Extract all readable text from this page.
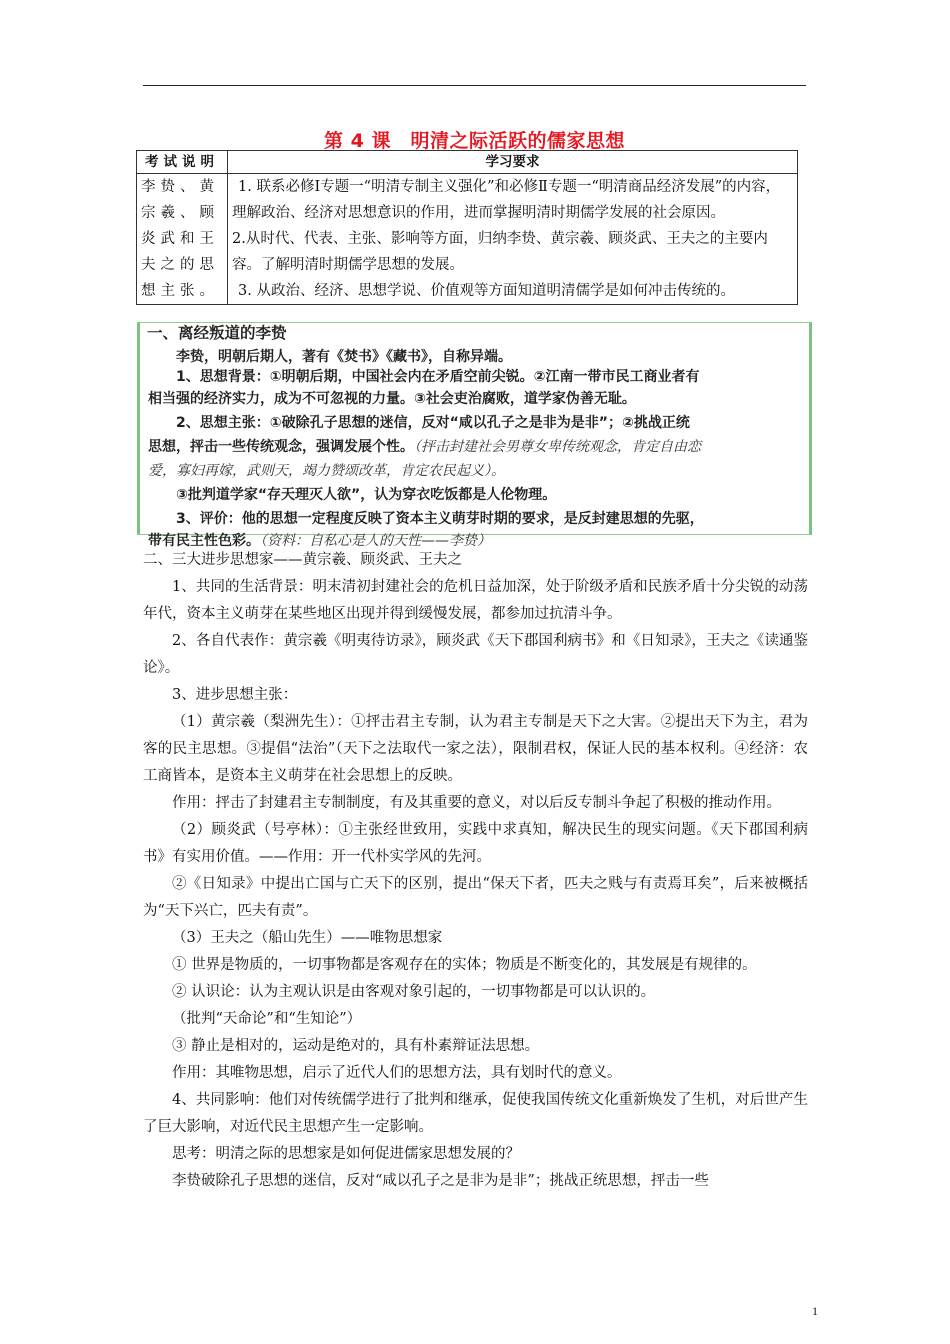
第 4 课　明清之际活跃的儒家思想
考试说明	学习要求
李贽、黄宗羲、顾炎武和王夫之的思想主张。	1. 联系必修Ⅰ专题一“明清专制主义强化”和必修Ⅱ专题一“明清商品经济发展”的内容，理解政治、经济对思想意识的作用，进而掌握明清时期儒学发展的社会原因。
2.从时代、代表、主张、影响等方面，归纳李贽、黄宗羲、顾炎武、王夫之的主要内容。了解明清时期儒学思想的发展。
3. 从政治、经济、思想学说、价值观等方面知道明清儒学是如何冲击传统的。
李贽，明朝后期人，著有《焚书》《藏书》，自称异端。
1、思想背景：①明朝后期，中国社会内在矛盾空前尖锐。②江南一带市民工商业者有
相当强的经济实力，成为不可忽视的力量。③社会吏治腐败，道学家伪善无耻。
2、思想主张：①破除孔子思想的迷信，反对“咸以孔子之是非为是非”；②挑战正统
思想，抨击一些传统观念，强调发展个性。（抨击封建社会男尊女卑传统观念，肯定自由恋
爱，寡妇再嫁，武则天，竭力赞颂改革，肯定农民起义）。
③批判道学家“存天理灭人欲”，认为穿衣吃饭都是人伦物理。
3、评价：他的思想一定程度反映了资本主义萌芽时期的要求，是反封建思想的先驱，
带有民主性色彩。（资料：自私心是人的天性——李贽）

二、三大进步思想家——黄宗羲、顾炎武、王夫之

1、共同的生活背景：明末清初封建社会的危机日益加深，处于阶级矛盾和民族矛盾十分尖锐的动荡年代，资本主义萌芽在某些地区出现并得到缓慢发展，都参加过抗清斗争。

2、各自代表作：黄宗羲《明夷待访录》，顾炎武《天下郡国利病书》和《日知录》，王夫之《读通鉴论》。

3、进步思想主张：

（1）黄宗羲（梨洲先生）：①抨击君主专制，认为君主专制是天下之大害。②提出天下为主，君为客的民主思想。③提倡“法治”（天下之法取代一家之法），限制君权，保证人民的基本权利。④经济：农工商皆本，是资本主义萌芽在社会思想上的反映。

作用：抨击了封建君主专制制度，有及其重要的意义，对以后反专制斗争起了积极的推动作用。

（2）顾炎武（号亭林）：①主张经世致用，实践中求真知，解决民生的现实问题。《天下郡国利病书》有实用价值。——作用：开一代朴实学风的先河。

②《日知录》中提出亡国与亡天下的区别，提出“保天下者，匹夫之贱与有责焉耳矣”，后来被概括为“天下兴亡，匹夫有责”。

（3）王夫之（船山先生）——唯物思想家

① 世界是物质的，一切事物都是客观存在的实体；物质是不断变化的，其发展是有规律的。

② 认识论：认为主观认识是由客观对象引起的，一切事物都是可以认识的。

（批判“天命论”和“生知论”）

③ 静止是相对的，运动是绝对的，具有朴素辩证法思想。

作用：其唯物思想，启示了近代人们的思想方法，具有划时代的意义。

4、共同影响：他们对传统儒学进行了批判和继承，促使我国传统文化重新焕发了生机，对后世产生了巨大影响，对近代民主思想产生一定影响。

思考：明清之际的思想家是如何促进儒家思想发展的？

李贽破除孔子思想的迷信，反对“咸以孔子之是非为是非”；挑战正统思想，抨击一些

1
一、离经叛道的李贽
